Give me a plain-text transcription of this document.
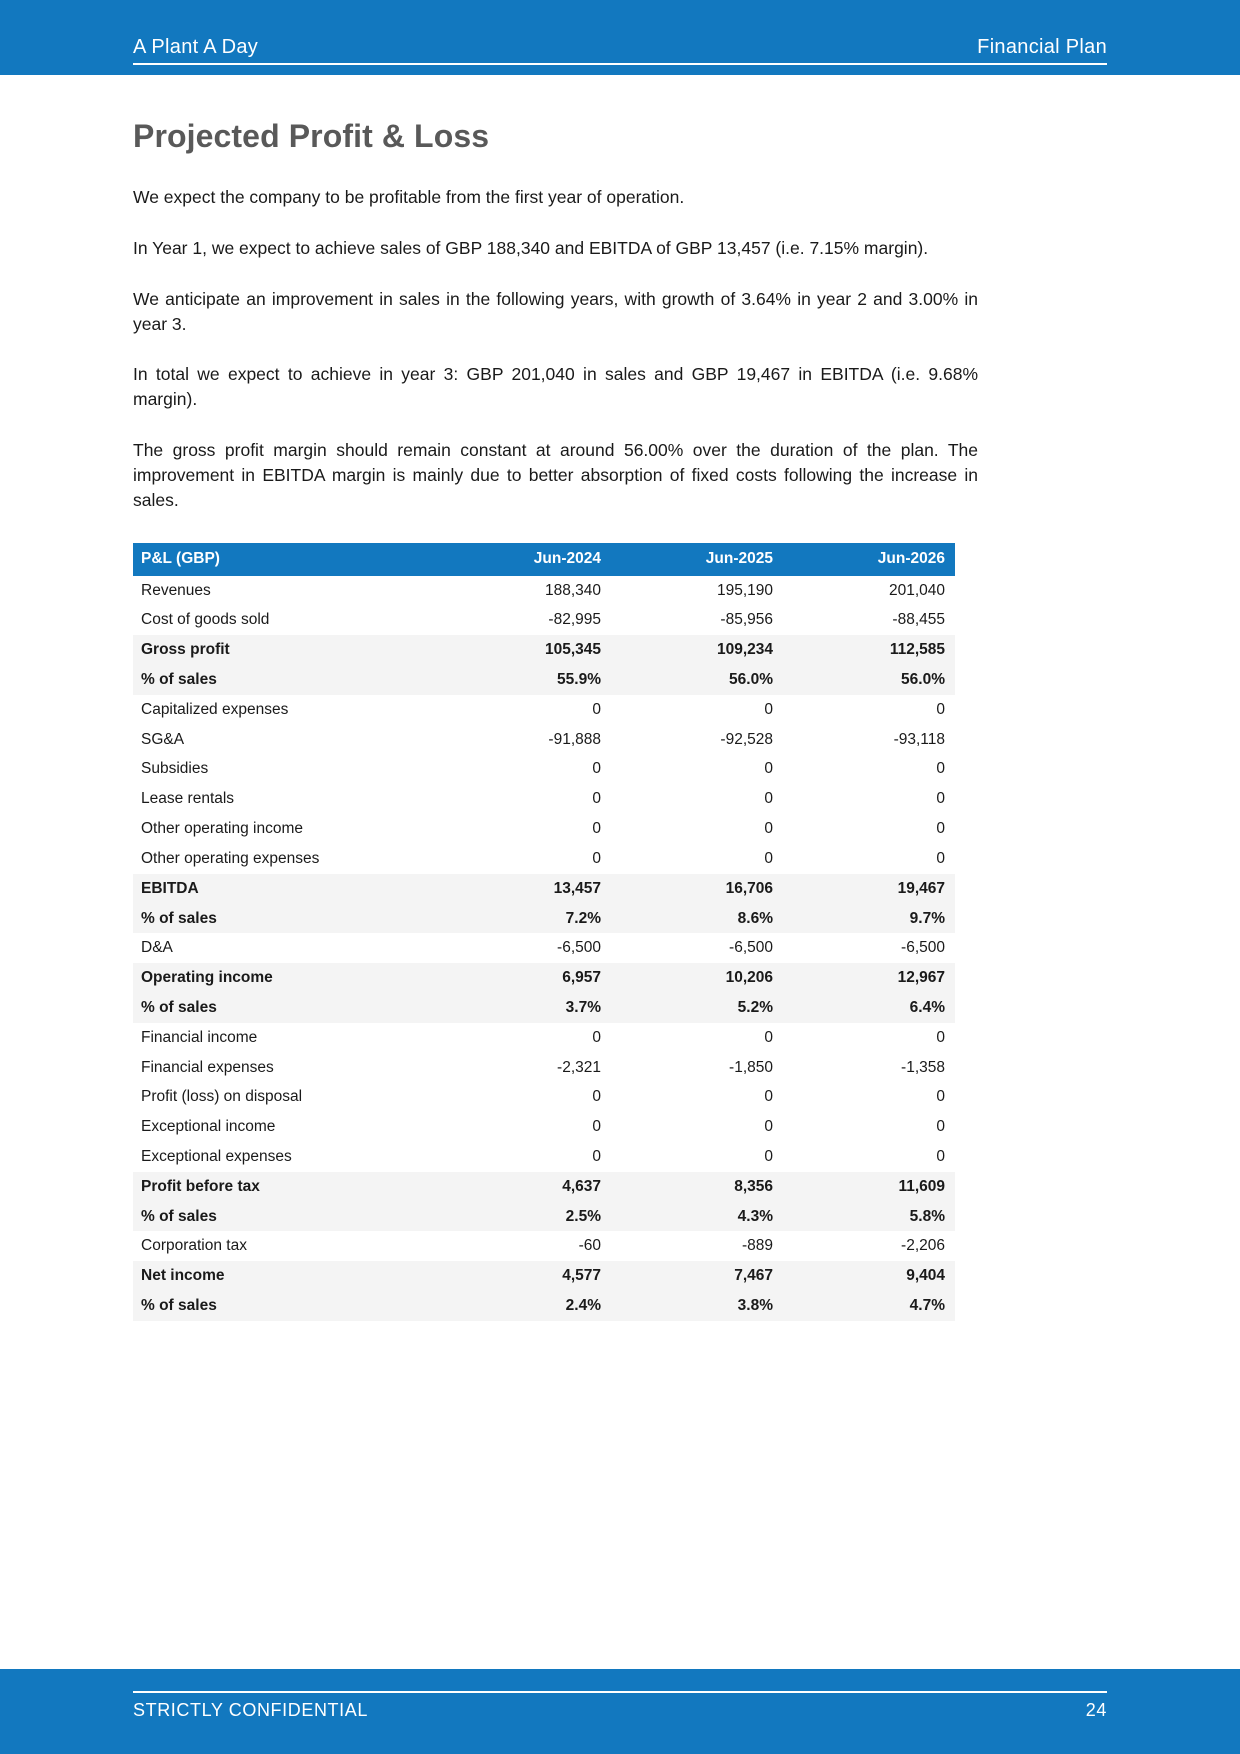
A Plant A Day	Financial Plan
Projected Profit & Loss

We expect the company to be profitable from the first year of operation.

In Year 1, we expect to achieve sales of GBP 188,340 and EBITDA of GBP 13,457 (i.e. 7.15% margin).

We anticipate an improvement in sales in the following years, with growth of 3.64% in year 2 and 3.00% in year 3.

In total we expect to achieve in year 3: GBP 201,040 in sales and GBP 19,467 in EBITDA (i.e. 9.68% margin).

The gross profit margin should remain constant at around 56.00% over the duration of the plan. The improvement in EBITDA margin is mainly due to better absorption of fixed costs following the increase in sales.

P&L (GBP)	Jun-2024	Jun-2025	Jun-2026
Revenues	188,340	195,190	201,040
Cost of goods sold	-82,995	-85,956	-88,455
Gross profit	105,345	109,234	112,585
% of sales	55.9%	56.0%	56.0%
Capitalized expenses	0	0	0
SG&A	-91,888	-92,528	-93,118
Subsidies	0	0	0
Lease rentals	0	0	0
Other operating income	0	0	0
Other operating expenses	0	0	0
EBITDA	13,457	16,706	19,467
% of sales	7.2%	8.6%	9.7%
D&A	-6,500	-6,500	-6,500
Operating income	6,957	10,206	12,967
% of sales	3.7%	5.2%	6.4%
Financial income	0	0	0
Financial expenses	-2,321	-1,850	-1,358
Profit (loss) on disposal	0	0	0
Exceptional income	0	0	0
Exceptional expenses	0	0	0
Profit before tax	4,637	8,356	11,609
% of sales	2.5%	4.3%	5.8%
Corporation tax	-60	-889	-2,206
Net income	4,577	7,467	9,404
% of sales	2.4%	3.8%	4.7%
STRICTLY CONFIDENTIAL	24
